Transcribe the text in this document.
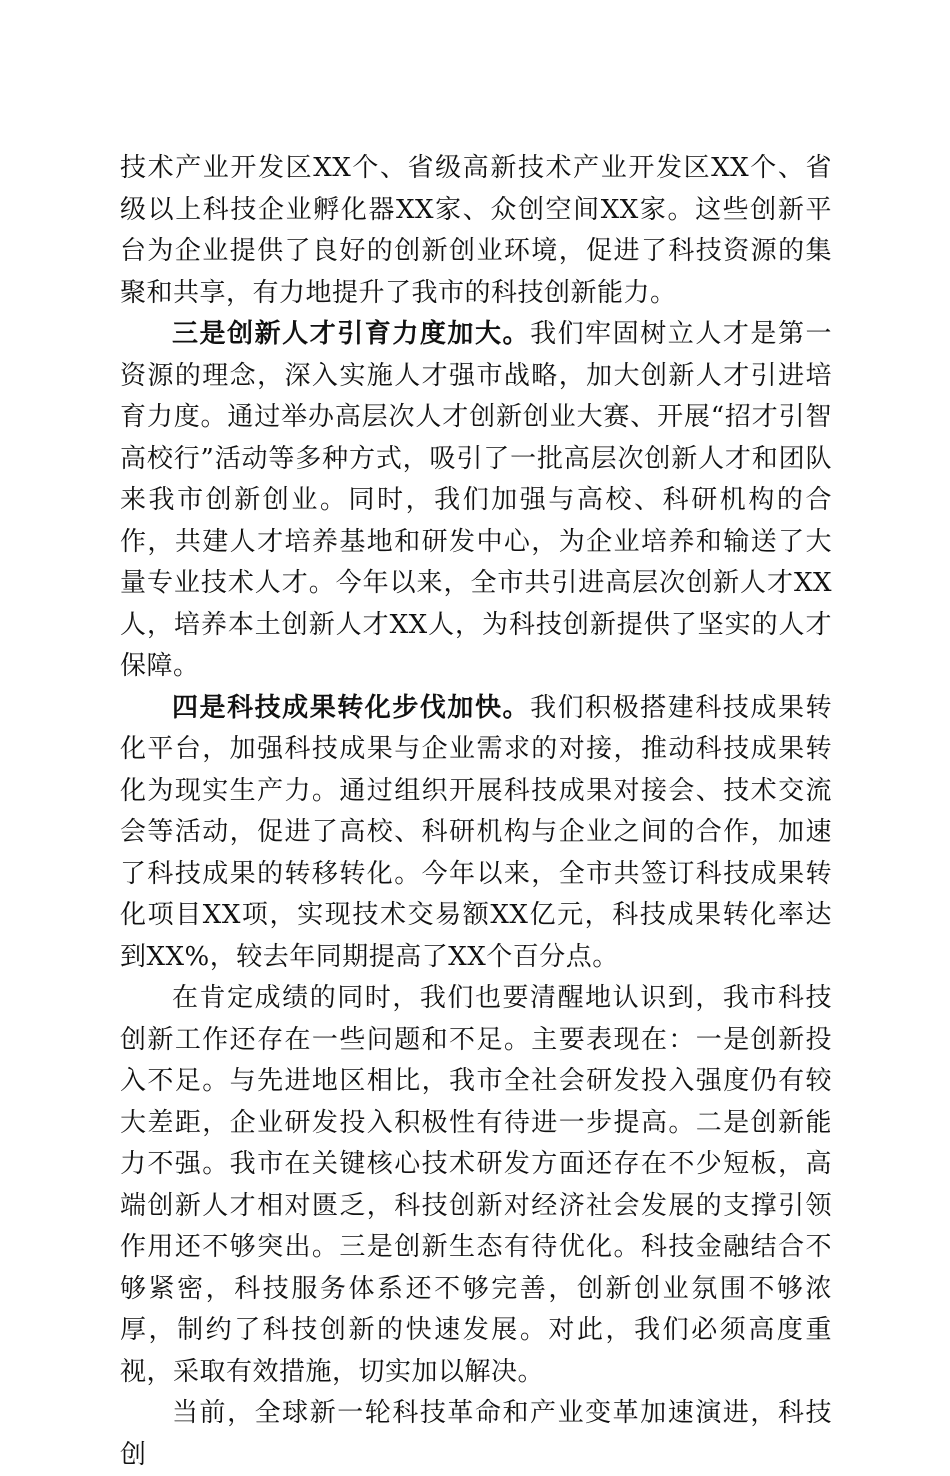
技术产业开发区XX个、省级高新技术产业开发区XX个、省级以上科技企业孵化器XX家、众创空间XX家。这些创新平台为企业提供了良好的创新创业环境，促进了科技资源的集聚和共享，有力地提升了我市的科技创新能力。

三是创新人才引育力度加大。我们牢固树立人才是第一资源的理念，深入实施人才强市战略，加大创新人才引进培育力度。通过举办高层次人才创新创业大赛、开展“招才引智高校行”活动等多种方式，吸引了一批高层次创新人才和团队来我市创新创业。同时，我们加强与高校、科研机构的合作，共建人才培养基地和研发中心，为企业培养和输送了大量专业技术人才。今年以来，全市共引进高层次创新人才XX人，培养本土创新人才XX人，为科技创新提供了坚实的人才保障。

四是科技成果转化步伐加快。我们积极搭建科技成果转化平台，加强科技成果与企业需求的对接，推动科技成果转化为现实生产力。通过组织开展科技成果对接会、技术交流会等活动，促进了高校、科研机构与企业之间的合作，加速了科技成果的转移转化。今年以来，全市共签订科技成果转化项目XX项，实现技术交易额XX亿元，科技成果转化率达到XX%，较去年同期提高了XX个百分点。

在肯定成绩的同时，我们也要清醒地认识到，我市科技创新工作还存在一些问题和不足。主要表现在：一是创新投入不足。与先进地区相比，我市全社会研发投入强度仍有较大差距，企业研发投入积极性有待进一步提高。二是创新能力不强。我市在关键核心技术研发方面还存在不少短板，高端创新人才相对匮乏，科技创新对经济社会发展的支撑引领作用还不够突出。三是创新生态有待优化。科技金融结合不够紧密，科技服务体系还不够完善，创新创业氛围不够浓厚，制约了科技创新的快速发展。对此，我们必须高度重视，采取有效措施，切实加以解决。

当前，全球新一轮科技革命和产业变革加速演进，科技创
